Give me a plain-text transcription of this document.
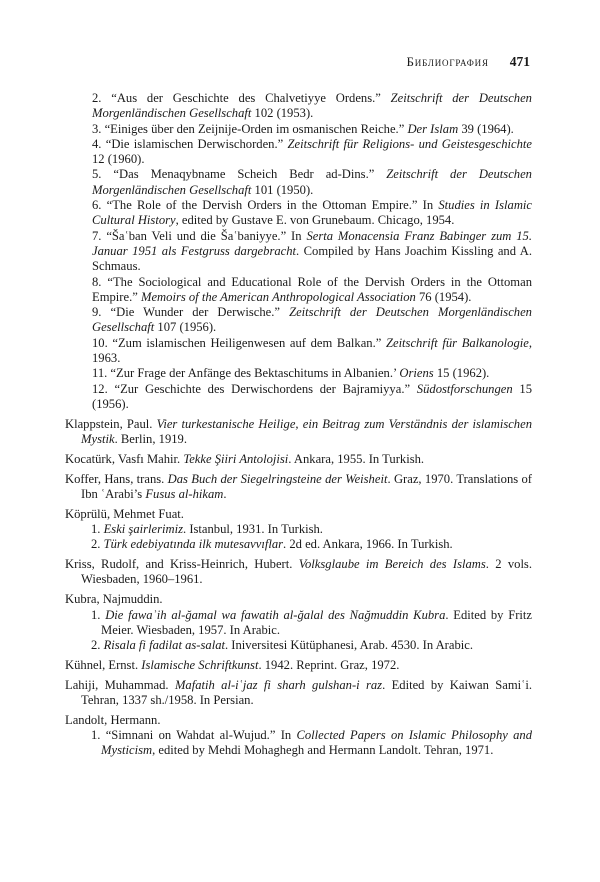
Библиография 471

2. “Aus der Geschichte des Chalvetiyye Ordens.” Zeitschrift der Deutschen Morgenländischen Gesellschaft 102 (1953).

3. “Einiges über den Zeijnije-Orden im osmanischen Reiche.” Der Islam 39 (1964).

4. “Die islamischen Derwischorden.” Zeitschrift für Religions- und Geistesgeschichte 12 (1960).

5. “Das Menaqybname Scheich Bedr ad-Dins.” Zeitschrift der Deutschen Morgenländischen Gesellschaft 101 (1950).

6. “The Role of the Dervish Orders in the Ottoman Empire.” In Studies in Islamic Cultural History, edited by Gustave E. von Grunebaum. Chicago, 1954.

7. “Šaʿban Veli und die Šaʿbaniyye.” In Serta Monacensia Franz Babinger zum 15. Januar 1951 als Festgruss dargebracht. Compiled by Hans Joachim Kissling and A. Schmaus.

8. “The Sociological and Educational Role of the Dervish Orders in the Ottoman Empire.” Memoirs of the American Anthropological Association 76 (1954).

9. “Die Wunder der Derwische.” Zeitschrift der Deutschen Morgenländischen Gesellschaft 107 (1956).

10. “Zum islamischen Heiligenwesen auf dem Balkan.” Zeitschrift für Balkanologie, 1963.

11. “Zur Frage der Anfänge des Bektaschitums in Albanien.’ Oriens 15 (1962).

12. “Zur Geschichte des Derwischordens der Bajramiyya.” Südostforschungen 15 (1956).

Klappstein, Paul. Vier turkestanische Heilige, ein Beitrag zum Verständnis der islamischen Mystik. Berlin, 1919.

Kocatürk, Vasfı Mahir. Tekke Şiiri Antolojisi. Ankara, 1955. In Turkish.

Koffer, Hans, trans. Das Buch der Siegelringsteine der Weisheit. Graz, 1970. Translations of Ibn ʿArabi’s Fusus al-hikam.

Köprülü, Mehmet Fuat.

1. Eski şairlerimiz. Istanbul, 1931. In Turkish.

2. Türk edebiyatında ilk mutesavvıflar. 2d ed. Ankara, 1966. In Turkish.

Kriss, Rudolf, and Kriss-Heinrich, Hubert. Volksglaube im Bereich des Islams. 2 vols. Wiesbaden, 1960–1961.

Kubra, Najmuddin.

1. Die fawaʾih al-ğamal wa fawatih al-ğalal des Nağmuddin Kubra. Edited by Fritz Meier. Wiesbaden, 1957. In Arabic.

2. Risala fi fadilat as-salat. Iniversitesi Kütüphanesi, Arab. 4530. In Arabic.

Kühnel, Ernst. Islamische Schriftkunst. 1942. Reprint. Graz, 1972.

Lahiji, Muhammad. Mafatih al-iʿjaz fi sharh gulshan-i raz. Edited by Kaiwan Samiʿi. Tehran, 1337 sh./1958. In Persian.

Landolt, Hermann.

1. “Simnani on Wahdat al-Wujud.” In Collected Papers on Islamic Philosophy and Mysticism, edited by Mehdi Mohaghegh and Hermann Landolt. Tehran, 1971.
